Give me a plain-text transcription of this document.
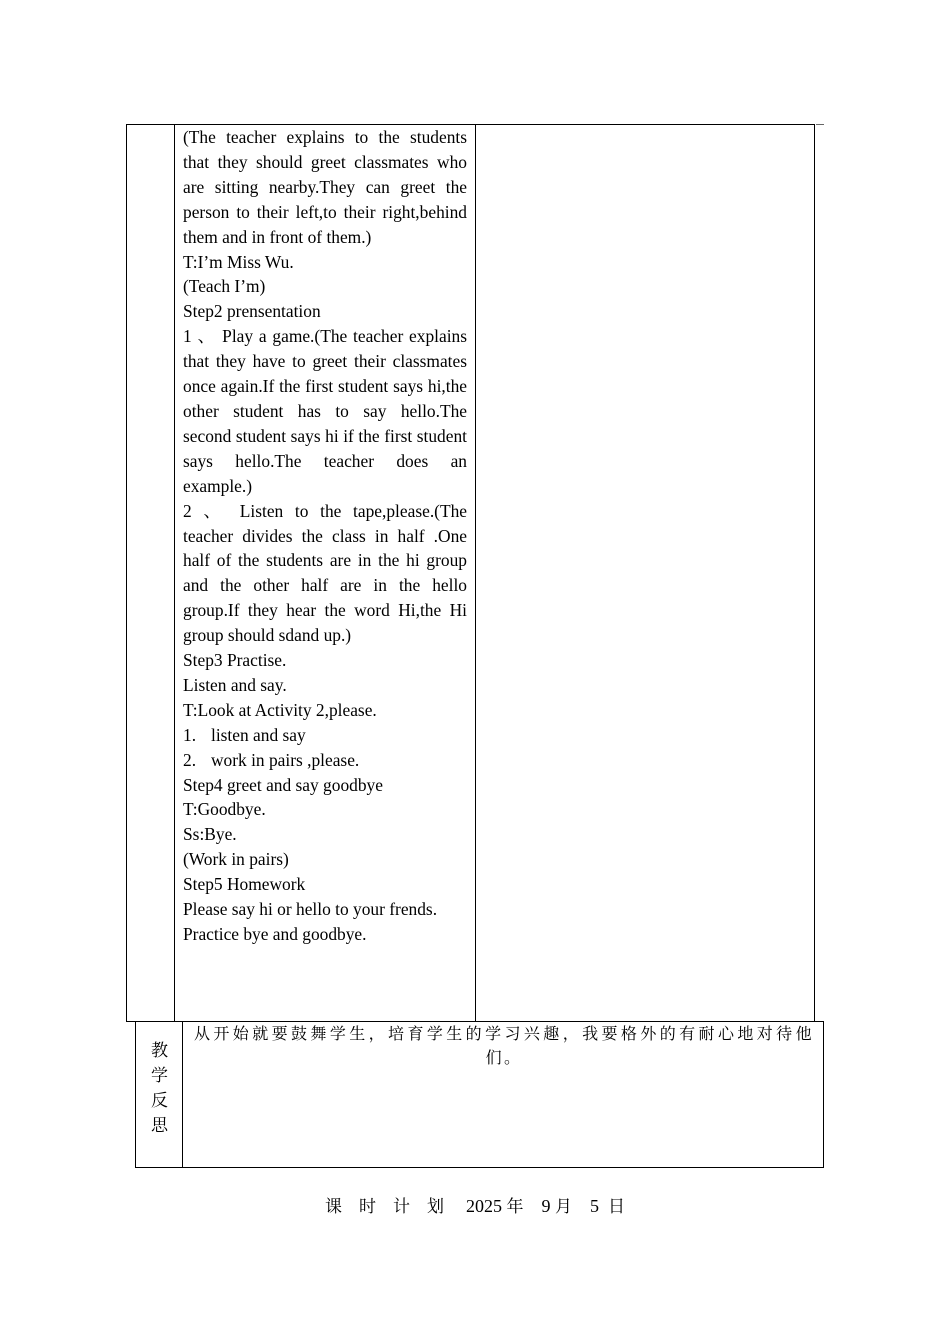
(The teacher explains to the students that they should greet classmates who are sitting nearby.They can greet the person to their left,to their right,behind them and in front of them.)

T:I’m Miss Wu.

(Teach I’m)

Step2 prensentation

1 、 Play a game.(The teacher explains that they have to greet their classmates once again.If the first student says hi,the other student has to say hello.The second student says hi if the first student says hello.The teacher does an example.)

2 、 Listen to the tape,please.(The teacher divides the class in half .One half of the students are in the hi group and the other half are in the hello group.If they hear the word Hi,the Hi group should sdand up.)

Step3 Practise.

Listen and say.

T:Look at Activity 2,please.

1. listen and say
2. work in pairs ,please.

Step4 greet and say goodbye

T:Goodbye.

Ss:Bye.

(Work in pairs)

Step5 Homework

Please say hi or hello to your frends.

Practice bye and goodbye.

教学反思
从开始就要鼓舞学生，培育学生的学习兴趣，我要格外的有耐心地对待他们。
课　时　计　划 2025 年 9 月 5 日
